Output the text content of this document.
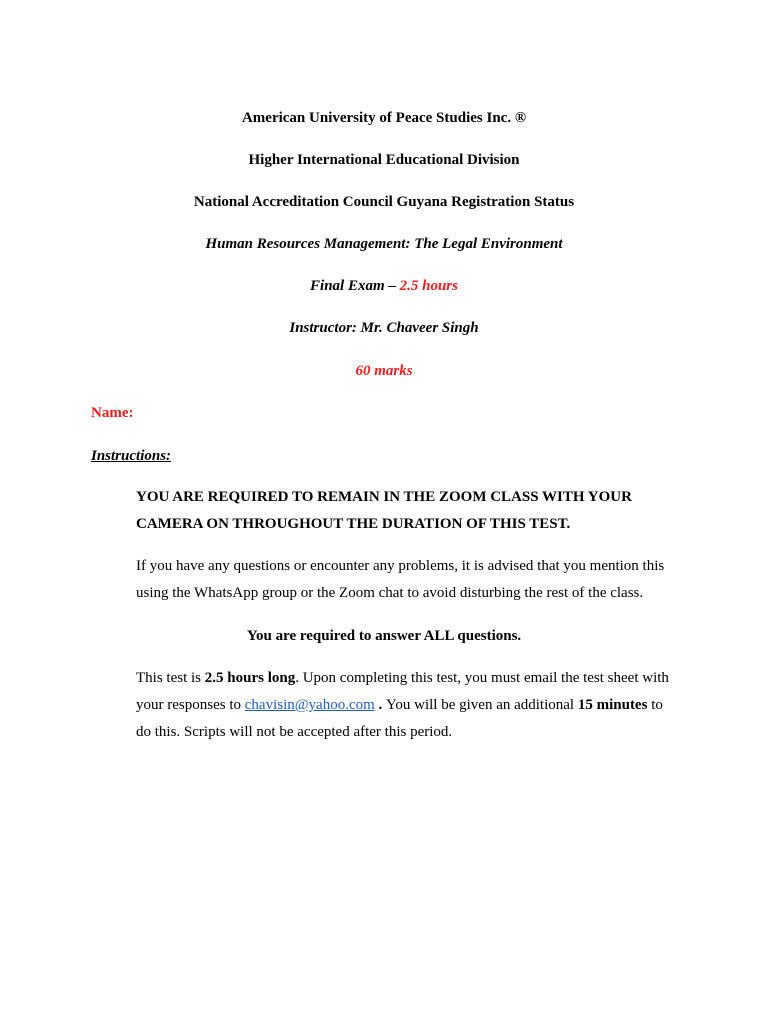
American University of Peace Studies Inc. ®
Higher International Educational Division
National Accreditation Council Guyana Registration Status
Human Resources Management: The Legal Environment
Final Exam – 2.5 hours
Instructor: Mr. Chaveer Singh
60 marks
Name:
Instructions:
YOU ARE REQUIRED TO REMAIN IN THE ZOOM CLASS WITH YOUR
CAMERA ON THROUGHOUT THE DURATION OF THIS TEST.
If you have any questions or encounter any problems, it is advised that you mention this
using the WhatsApp group or the Zoom chat to avoid disturbing the rest of the class.
You are required to answer ALL questions.
This test is 2.5 hours long. Upon completing this test, you must email the test sheet with
your responses to chavisin@yahoo.com . You will be given an additional 15 minutes to
do this. Scripts will not be accepted after this period.
